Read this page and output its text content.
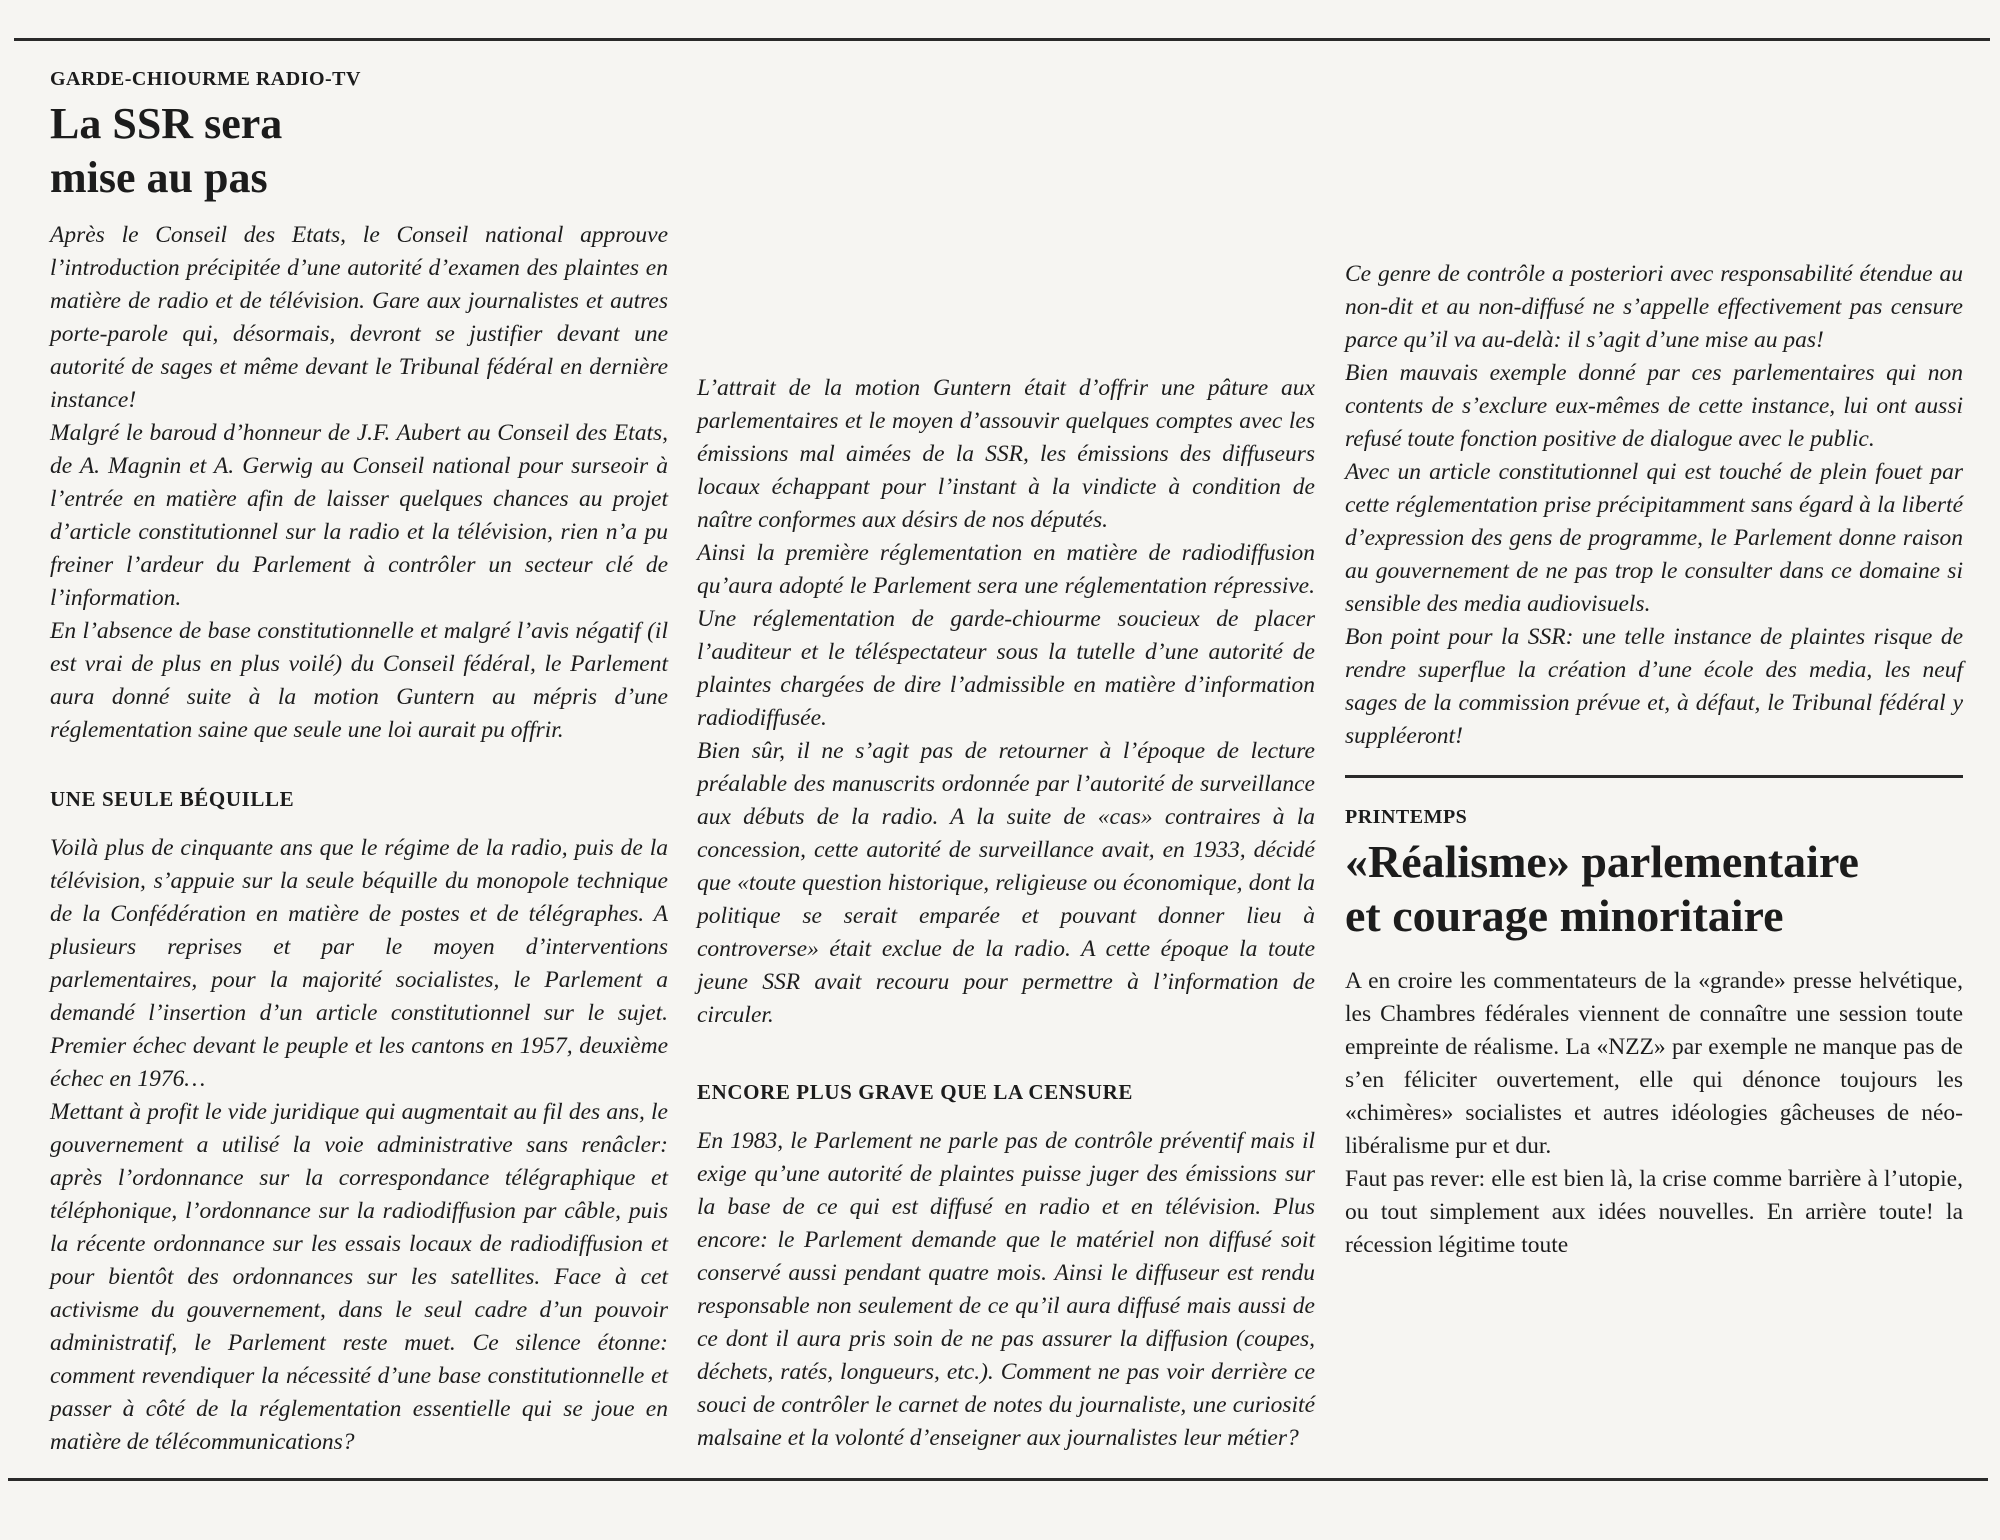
GARDE-CHIOURME RADIO-TV
La SSR sera
mise au pas

Après le Conseil des Etats, le Conseil national approuve l’introduction précipitée d’une autorité d’examen des plaintes en matière de radio et de télévision. Gare aux journalistes et autres porte-parole qui, désormais, devront se justifier devant une autorité de sages et même devant le Tribunal fédéral en dernière instance!

Malgré le baroud d’honneur de J.F. Aubert au Conseil des Etats, de A. Magnin et A. Gerwig au Conseil national pour surseoir à l’entrée en matière afin de laisser quelques chances au projet d’article constitutionnel sur la radio et la télévision, rien n’a pu freiner l’ardeur du Parlement à contrôler un secteur clé de l’information.

En l’absence de base constitutionnelle et malgré l’avis négatif (il est vrai de plus en plus voilé) du Conseil fédéral, le Parlement aura donné suite à la motion Guntern au mépris d’une réglementation saine que seule une loi aurait pu offrir.

UNE SEULE BÉQUILLE

Voilà plus de cinquante ans que le régime de la radio, puis de la télévision, s’appuie sur la seule béquille du monopole technique de la Confédération en matière de postes et de télégraphes. A plusieurs reprises et par le moyen d’interventions parlementaires, pour la majorité socialistes, le Parlement a demandé l’insertion d’un article constitutionnel sur le sujet. Premier échec devant le peuple et les cantons en 1957, deuxième échec en 1976…

Mettant à profit le vide juridique qui augmentait au fil des ans, le gouvernement a utilisé la voie administrative sans renâcler: après l’ordonnance sur la correspondance télégraphique et téléphonique, l’ordonnance sur la radiodiffusion par câble, puis la récente ordonnance sur les essais locaux de radiodiffusion et pour bientôt des ordonnances sur les satellites. Face à cet activisme du gouvernement, dans le seul cadre d’un pouvoir administratif, le Parlement reste muet. Ce silence étonne: comment revendiquer la nécessité d’une base constitutionnelle et passer à côté de la réglementation essentielle qui se joue en matière de télécommunications?

L’attrait de la motion Guntern était d’offrir une pâture aux parlementaires et le moyen d’assouvir quelques comptes avec les émissions mal aimées de la SSR, les émissions des diffuseurs locaux échappant pour l’instant à la vindicte à condition de naître conformes aux désirs de nos députés.

Ainsi la première réglementation en matière de radiodiffusion qu’aura adopté le Parlement sera une réglementation répressive. Une réglementation de garde-chiourme soucieux de placer l’auditeur et le téléspectateur sous la tutelle d’une autorité de plaintes chargées de dire l’admissible en matière d’information radiodiffusée.

Bien sûr, il ne s’agit pas de retourner à l’époque de lecture préalable des manuscrits ordonnée par l’autorité de surveillance aux débuts de la radio. A la suite de «cas» contraires à la concession, cette autorité de surveillance avait, en 1933, décidé que «toute question historique, religieuse ou économique, dont la politique se serait emparée et pouvant donner lieu à controverse» était exclue de la radio. A cette époque la toute jeune SSR avait recouru pour permettre à l’information de circuler.

ENCORE PLUS GRAVE QUE LA CENSURE

En 1983, le Parlement ne parle pas de contrôle préventif mais il exige qu’une autorité de plaintes puisse juger des émissions sur la base de ce qui est diffusé en radio et en télévision. Plus encore: le Parlement demande que le matériel non diffusé soit conservé aussi pendant quatre mois. Ainsi le diffuseur est rendu responsable non seulement de ce qu’il aura diffusé mais aussi de ce dont il aura pris soin de ne pas assurer la diffusion (coupes, déchets, ratés, longueurs, etc.). Comment ne pas voir derrière ce souci de contrôler le carnet de notes du journaliste, une curiosité malsaine et la volonté d’enseigner aux journalistes leur métier?

Ce genre de contrôle a posteriori avec responsabilité étendue au non-dit et au non-diffusé ne s’appelle effectivement pas censure parce qu’il va au-delà: il s’agit d’une mise au pas!

Bien mauvais exemple donné par ces parlementaires qui non contents de s’exclure eux-mêmes de cette instance, lui ont aussi refusé toute fonction positive de dialogue avec le public.

Avec un article constitutionnel qui est touché de plein fouet par cette réglementation prise précipitamment sans égard à la liberté d’expression des gens de programme, le Parlement donne raison au gouvernement de ne pas trop le consulter dans ce domaine si sensible des media audiovisuels.

Bon point pour la SSR: une telle instance de plaintes risque de rendre superflue la création d’une école des media, les neuf sages de la commission prévue et, à défaut, le Tribunal fédéral y suppléeront!

PRINTEMPS
«Réalisme» parlementaire
et courage minoritaire

A en croire les commentateurs de la «grande» presse helvétique, les Chambres fédérales viennent de connaître une session toute empreinte de réalisme. La «NZZ» par exemple ne manque pas de s’en féliciter ouvertement, elle qui dénonce toujours les «chimères» socialistes et autres idéologies gâcheuses de néo-libéralisme pur et dur.

Faut pas rever: elle est bien là, la crise comme barrière à l’utopie, ou tout simplement aux idées nouvelles. En arrière toute! la récession légitime toute
